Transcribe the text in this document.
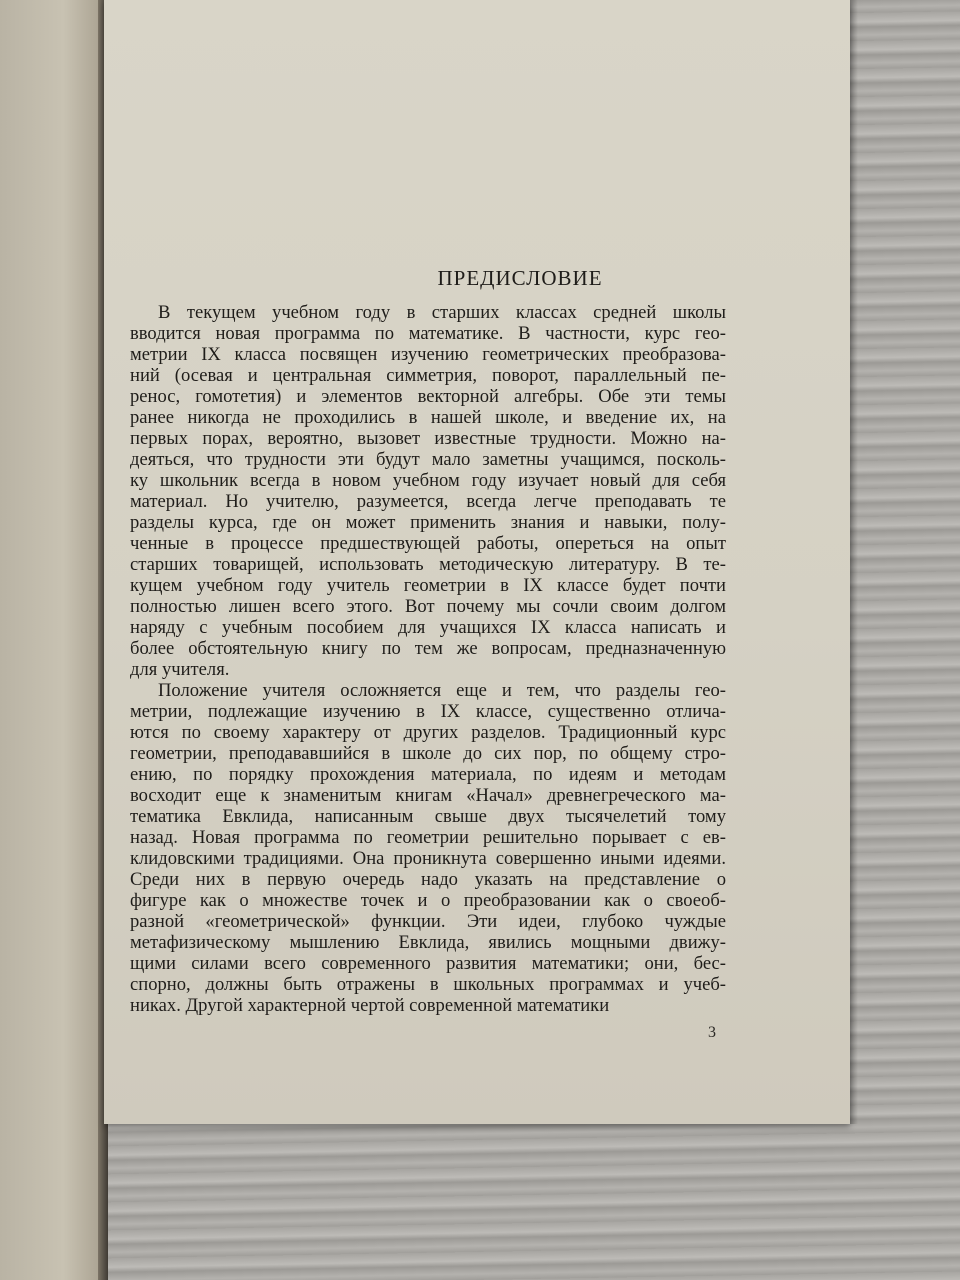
ПРЕДИСЛОВИЕ
В текущем учебном году в старших классах средней школы
вводится новая программа по математике. В частности, курс гео-
метрии IX класса посвящен изучению геометрических преобразова-
ний (осевая и центральная симметрия, поворот, параллельный пе-
ренос, гомотетия) и элементов векторной алгебры. Обе эти темы
ранее никогда не проходились в нашей школе, и введение их, на
первых порах, вероятно, вызовет известные трудности. Можно на-
деяться, что трудности эти будут мало заметны учащимся, посколь-
ку школьник всегда в новом учебном году изучает новый для себя
материал. Но учителю, разумеется, всегда легче преподавать те
разделы курса, где он может применить знания и навыки, полу-
ченные в процессе предшествующей работы, опереться на опыт
старших товарищей, использовать методическую литературу. В те-
кущем учебном году учитель геометрии в IX классе будет почти
полностью лишен всего этого. Вот почему мы сочли своим долгом
наряду с учебным пособием для учащихся IX класса написать и
более обстоятельную книгу по тем же вопросам, предназначенную
для учителя.
Положение учителя осложняется еще и тем, что разделы гео-
метрии, подлежащие изучению в IX классе, существенно отлича-
ются по своему характеру от других разделов. Традиционный курс
геометрии, преподававшийся в школе до сих пор, по общему стро-
ению, по порядку прохождения материала, по идеям и методам
восходит еще к знаменитым книгам «Начал» древнегреческого ма-
тематика Евклида, написанным свыше двух тысячелетий тому
назад. Новая программа по геометрии решительно порывает с ев-
клидовскими традициями. Она проникнута совершенно иными идеями.
Среди них в первую очередь надо указать на представление о
фигуре как о множестве точек и о преобразовании как о своеоб-
разной «геометрической» функции. Эти идеи, глубоко чуждые
метафизическому мышлению Евклида, явились мощными движу-
щими силами всего современного развития математики; они, бес-
спорно, должны быть отражены в школьных программах и учеб-
никах. Другой характерной чертой современной математики
3
